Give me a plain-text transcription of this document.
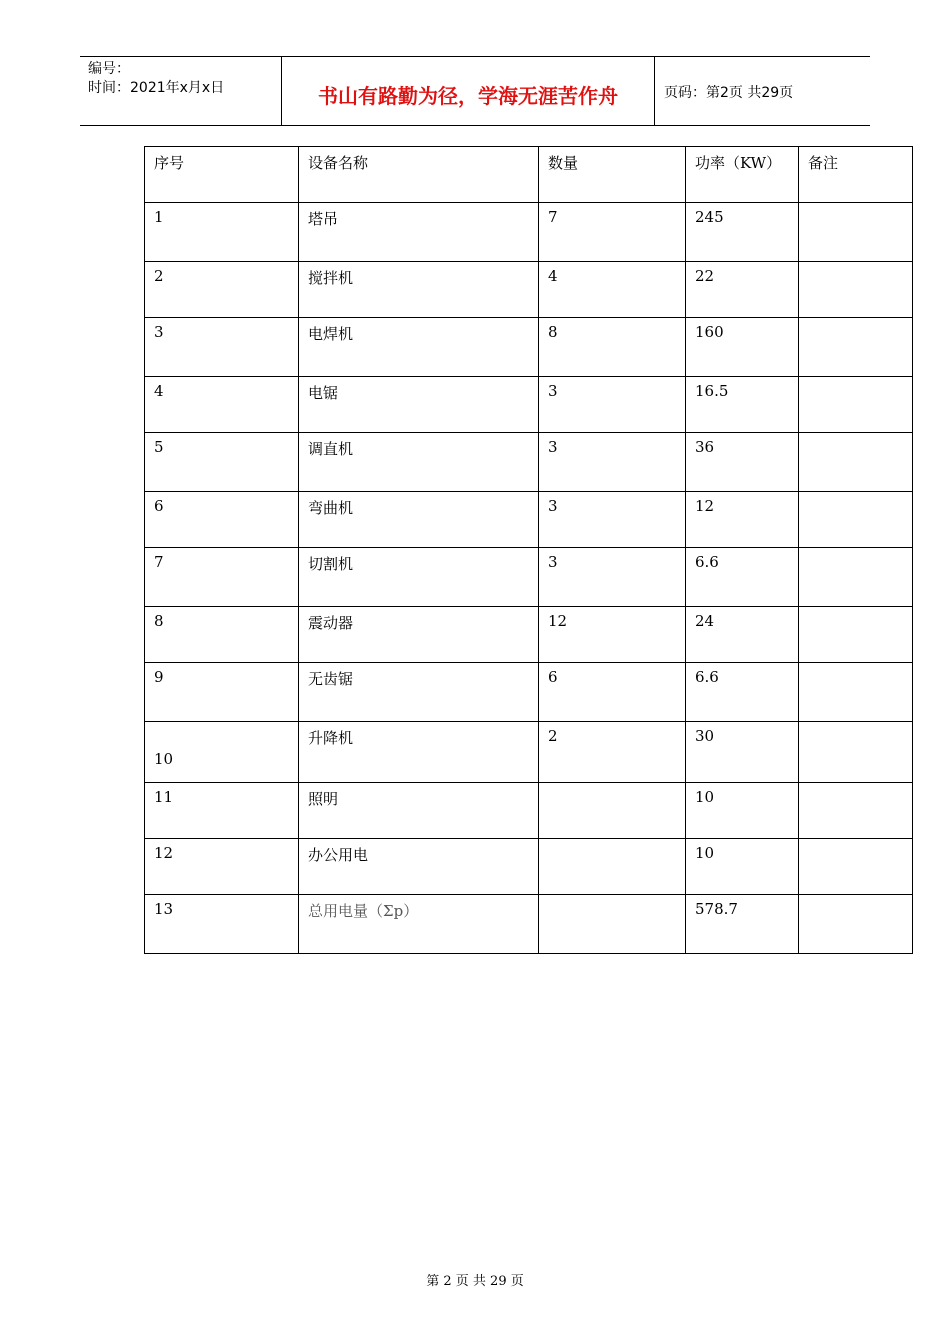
编号：
时间：2021年x月x日	书山有路勤为径，学海无涯苦作舟	页码：第2页 共29页
序号	设备名称	数量	功率（KW）	备注
1	塔吊	7	245	
2	搅拌机	4	22	
3	电焊机	8	160	
4	电锯	3	16.5	
5	调直机	3	36	
6	弯曲机	3	12	
7	切割机	3	6.6	
8	震动器	12	24	
9	无齿锯	6	6.6	
10	升降机	2	30	
11	照明		10	
12	办公用电		10	
13	总用电量（Σp）		578.7	
第 2 页 共 29 页
